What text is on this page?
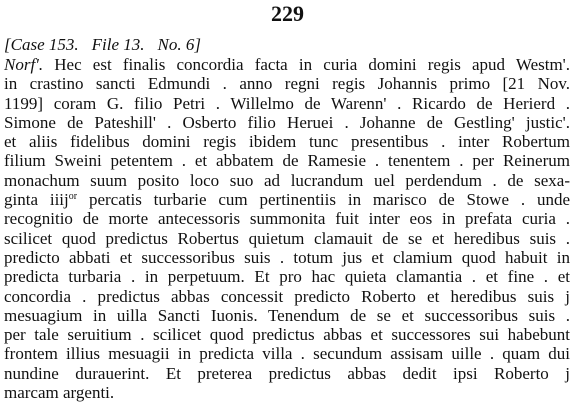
229
[Case 153. File 13. No. 6]
Norf'. Hec est finalis concordia facta in curia domini regis apud Westm'.
in crastino sancti Edmundi . anno regni regis Johannis primo [21 Nov.
1199] coram G. filio Petri . Willelmo de Warenn' . Ricardo de Herierd .
Simone de Pateshill' . Osberto filio Heruei . Johanne de Gestling' justic'.
et aliis fidelibus domini regis ibidem tunc presentibus . inter Robertum
filium Sweini petentem . et abbatem de Ramesie . tenentem . per Reinerum
monachum suum posito loco suo ad lucrandum uel perdendum . de sexa-
ginta iiij$^{or}$ percatis turbarie cum pertinentiis in marisco de Stowe . unde
recognitio de morte antecessoris summonita fuit inter eos in prefata curia .
scilicet quod predictus Robertus quietum clamauit de se et heredibus suis .
predicto abbati et successoribus suis . totum jus et clamium quod habuit in
predicta turbaria . in perpetuum. Et pro hac quieta clamantia . et fine . et
concordia . predictus abbas concessit predicto Roberto et heredibus suis j
mesuagium in uilla Sancti Iuonis. Tenendum de se et successoribus suis .
per tale seruitium . scilicet quod predictus abbas et successores sui habebunt
frontem illius mesuagii in predicta villa . secundum assisam uille . quam dui
nundine durauerint. Et preterea predictus abbas dedit ipsi Roberto j
marcam argenti.
